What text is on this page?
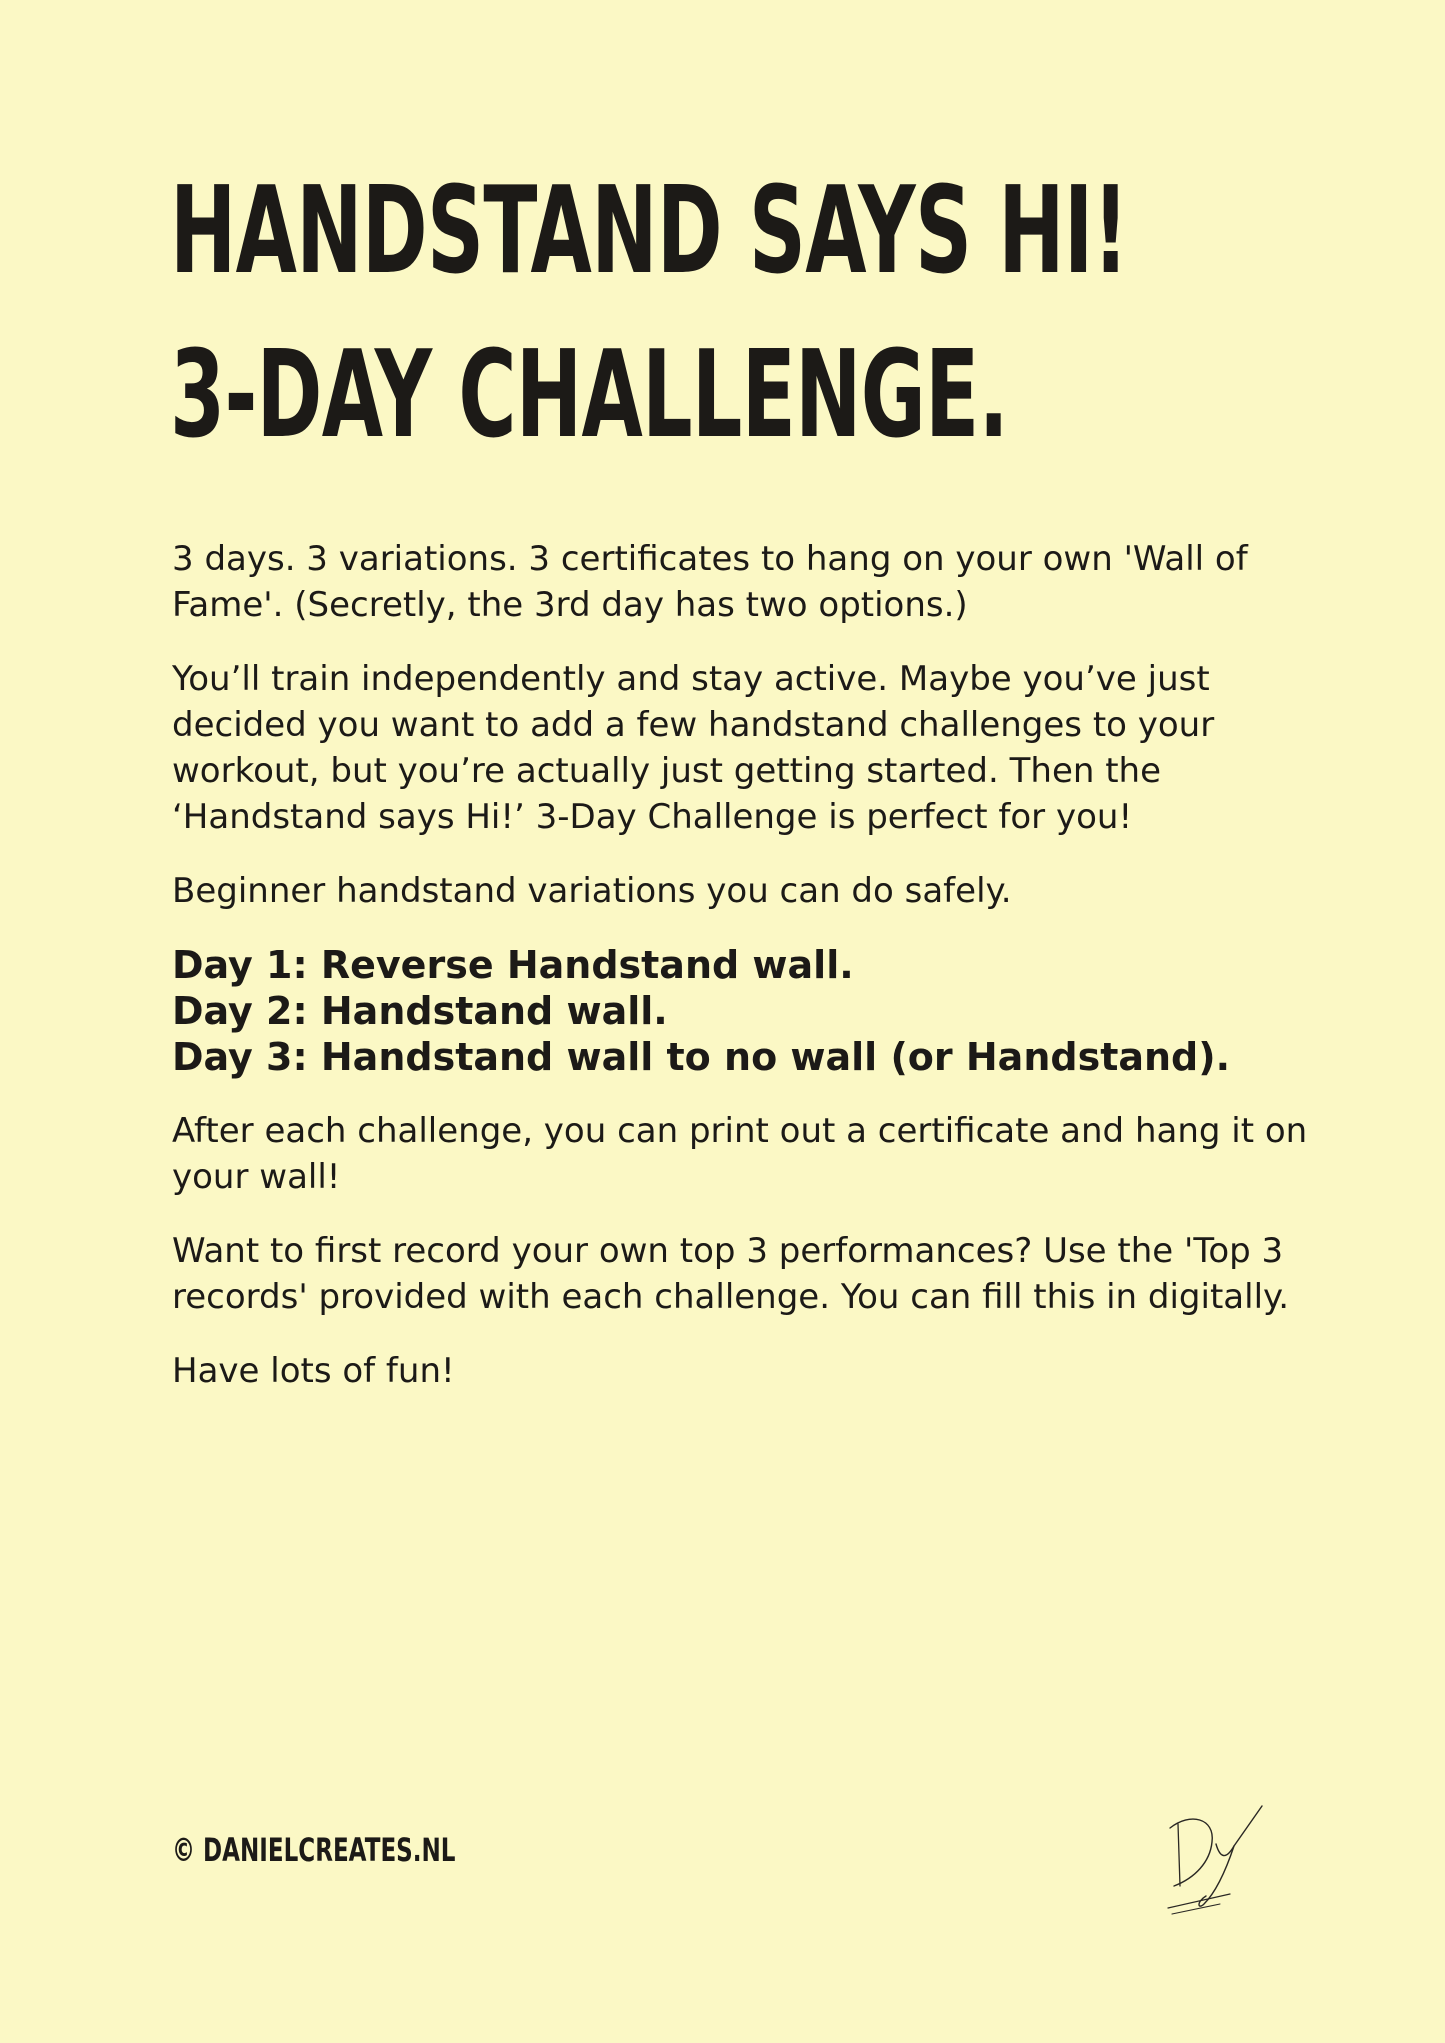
HANDSTAND SAYS HI!
3-DAY CHALLENGE.

3 days. 3 variations. 3 certificates to hang on your own 'Wall of Fame'. (Secretly, the 3rd day has two options.)

You’ll train independently and stay active. Maybe you’ve just decided you want to add a few handstand challenges to your workout, but you’re actually just getting started. Then the ‘Handstand says Hi!’ 3-Day Challenge is perfect for you!

Beginner handstand variations you can do safely.

Day 1: Reverse Handstand wall.
Day 2: Handstand wall.
Day 3: Handstand wall to no wall (or Handstand).

After each challenge, you can print out a certificate and hang it on your wall!

Want to first record your own top 3 performances? Use the 'Top 3 records' provided with each challenge. You can fill this in digitally.

Have lots of fun!

© DANIELCREATES.NL
